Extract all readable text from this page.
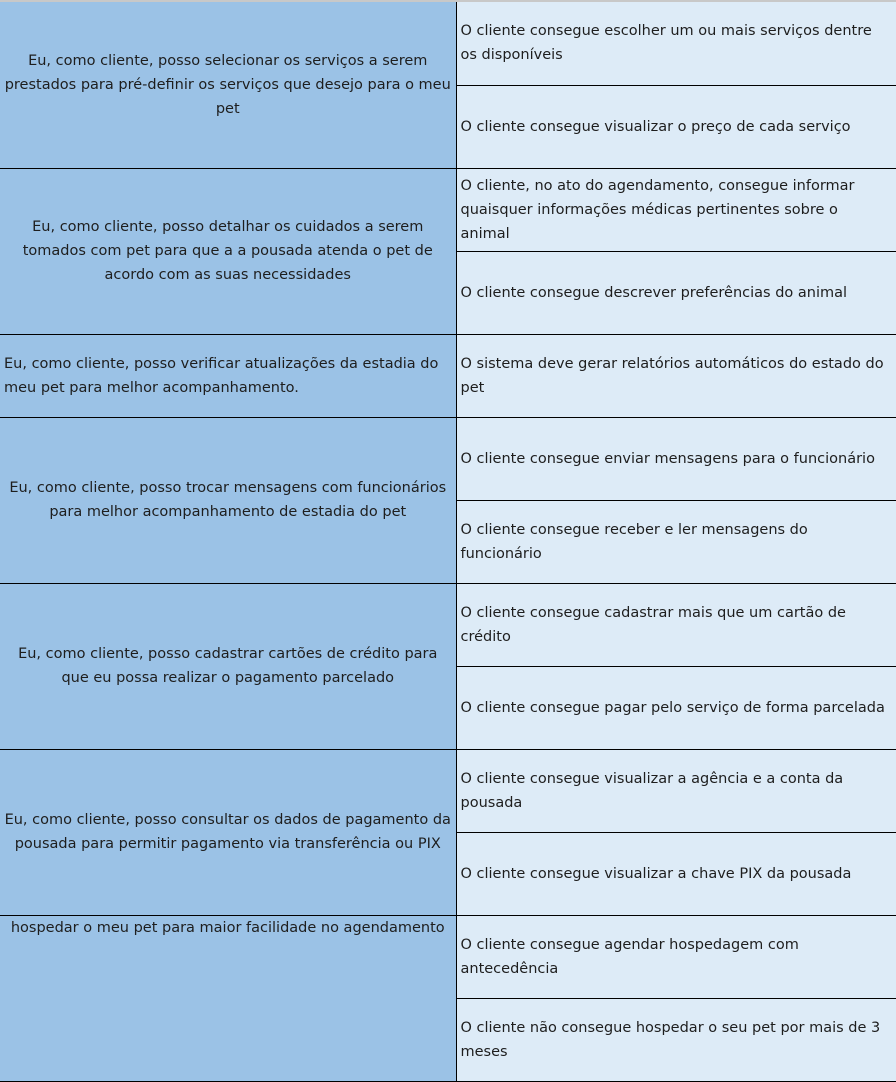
Eu, como cliente, posso selecionar os serviços a serem prestados para pré-definir os serviços que desejo para o meu pet	O cliente consegue escolher um ou mais serviços dentre os disponíveis
	O cliente consegue visualizar o preço de cada serviço
Eu, como cliente, posso detalhar os cuidados a serem tomados com pet para que a a pousada atenda o pet de acordo com as suas necessidades	O cliente, no ato do agendamento, consegue informar quaisquer informações médicas pertinentes sobre o animal
	O cliente consegue descrever preferências do animal
Eu, como cliente, posso verificar atualizações da estadia do meu pet para melhor acompanhamento.	O sistema deve gerar relatórios automáticos do estado do pet
Eu, como cliente, posso trocar mensagens com funcionários para melhor acompanhamento de estadia do pet	O cliente consegue enviar mensagens para o funcionário
	O cliente consegue receber e ler mensagens do funcionário
Eu, como cliente, posso cadastrar cartões de crédito para que eu possa realizar o pagamento parcelado	O cliente consegue cadastrar mais que um cartão de crédito
	O cliente consegue pagar pelo serviço de forma parcelada
Eu, como cliente, posso consultar os dados de pagamento da pousada para permitir pagamento via transferência ou PIX	O cliente consegue visualizar a agência e a conta da pousada
	O cliente consegue visualizar a chave PIX da pousada
hospedar o meu pet para maior facilidade no agendamento	O cliente consegue agendar hospedagem com antecedência
	O cliente não consegue hospedar o seu pet por mais de 3 meses
